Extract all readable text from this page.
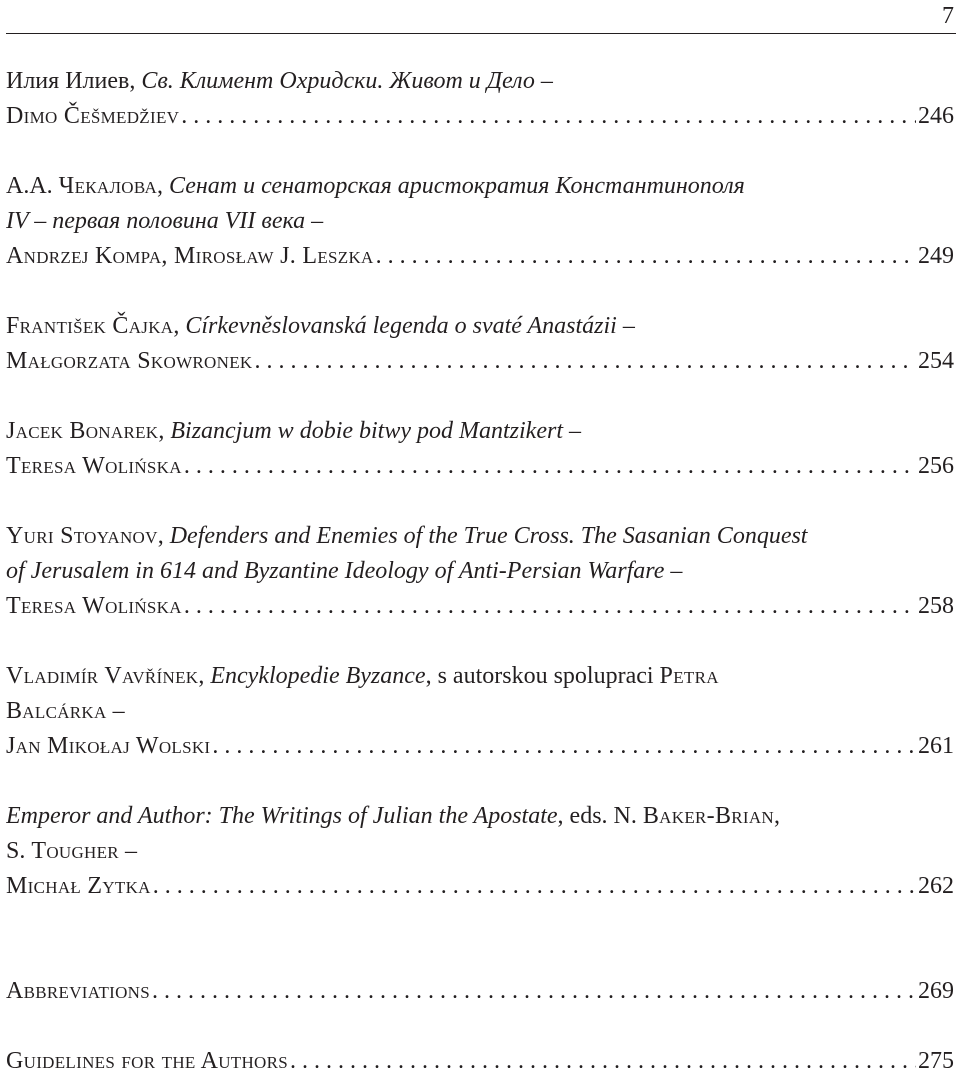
7
Илия Илиев, Св. Климент Охридски. Живот и Дело –
Dimo Češmedžiev . . .	246
А.А. Чекалова, Сенат и сенаторская аристократия Константинополя
IV – первая половина VII века –
Andrzej Kompa, Mirosław J. Leszka . . .	249
František Čajka, Církevněslovanská legenda o svaté Anastázii –
Małgorzata Skowronek . . .	254
Jacek Bonarek, Bizancjum w dobie bitwy pod Mantzikert –
Teresa Wolińska . . .	256
Yuri Stoyanov, Defenders and Enemies of the True Cross. The Sasanian Conquest
of Jerusalem in 614 and Byzantine Ideology of Anti-Persian Warfare –
Teresa Wolińska . . .	258
Vladimír Vavřínek, Encyklopedie Byzance, s autorskou spolupraci Petra
Balcárka –
Jan Mikołaj Wolski . . .	261
Emperor and Author: The Writings of Julian the Apostate, eds. N. Baker-Brian,
S. Tougher –
Michał Zytka . . .	262
Abbreviations . . .	269
Guidelines for the Authors . . .	275
